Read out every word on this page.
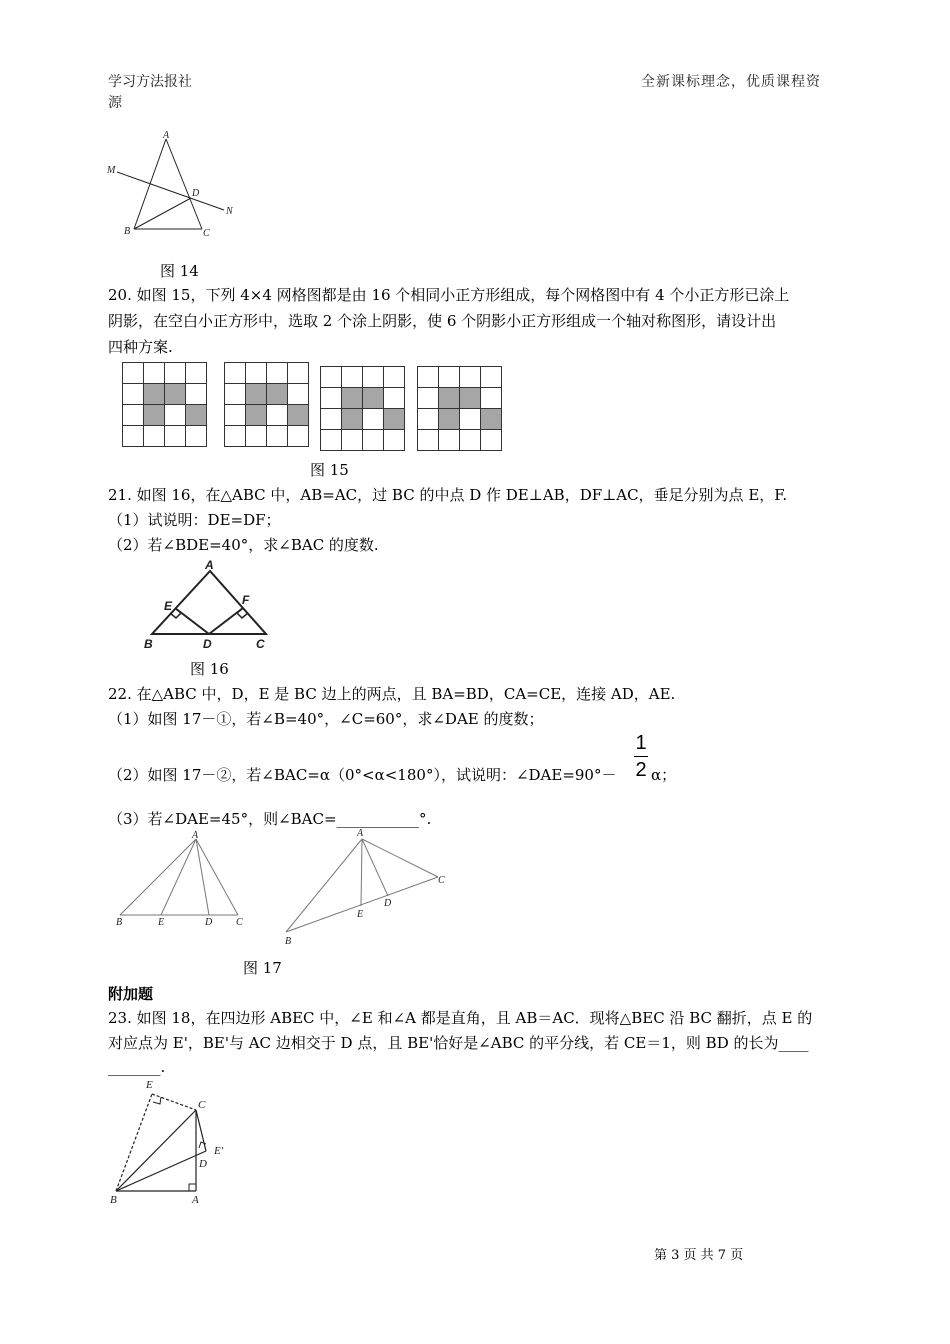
学习方法报社	全新课标理念，优质课程资
源
A
M
D
N
B	C
图 14
20. 如图 15，下列 4×4 网格图都是由 16 个相同小正方形组成，每个网格图中有 4 个小正方形已涂上
阴影，在空白小正方形中，选取 2 个涂上阴影，使 6 个阴影小正方形组成一个轴对称图形，请设计出
四种方案.

图 15
21. 如图 16，在△ABC 中，AB=AC，过 BC 的中点 D 作 DE⊥AB，DF⊥AC，垂足分别为点 E，F.
（1）试说明：DE=DF；
（2）若∠BDE=40°，求∠BAC 的度数.
A
E	F
B	D	C
图 16
22. 在△ABC 中，D，E 是 BC 边上的两点，且 BA=BD，CA=CE，连接 AD，AE.
（1）如图 17－①，若∠B=40°，∠C=60°，求∠DAE 的度数；
（2）如图 17－②，若∠BAC=α（0°<α<180°），试说明：∠DAE=90°－
1
2 α；
（3）若∠DAE=45°，则∠BAC=___________°.
A
B	E	D C
A
B
E
D
C
图 17
附加题
23. 如图 18，在四边形 ABEC 中，∠E 和∠A 都是直角，且 AB＝AC．现将△BEC 沿 BC 翻折，点 E 的
对应点为 E'，BE'与 AC 边相交于 D 点，且 BE'恰好是∠ABC 的平分线，若 CE＝1，则 BD 的长为____
_______.
E
C
E′
D
B	A
第 3 页 共 7 页
